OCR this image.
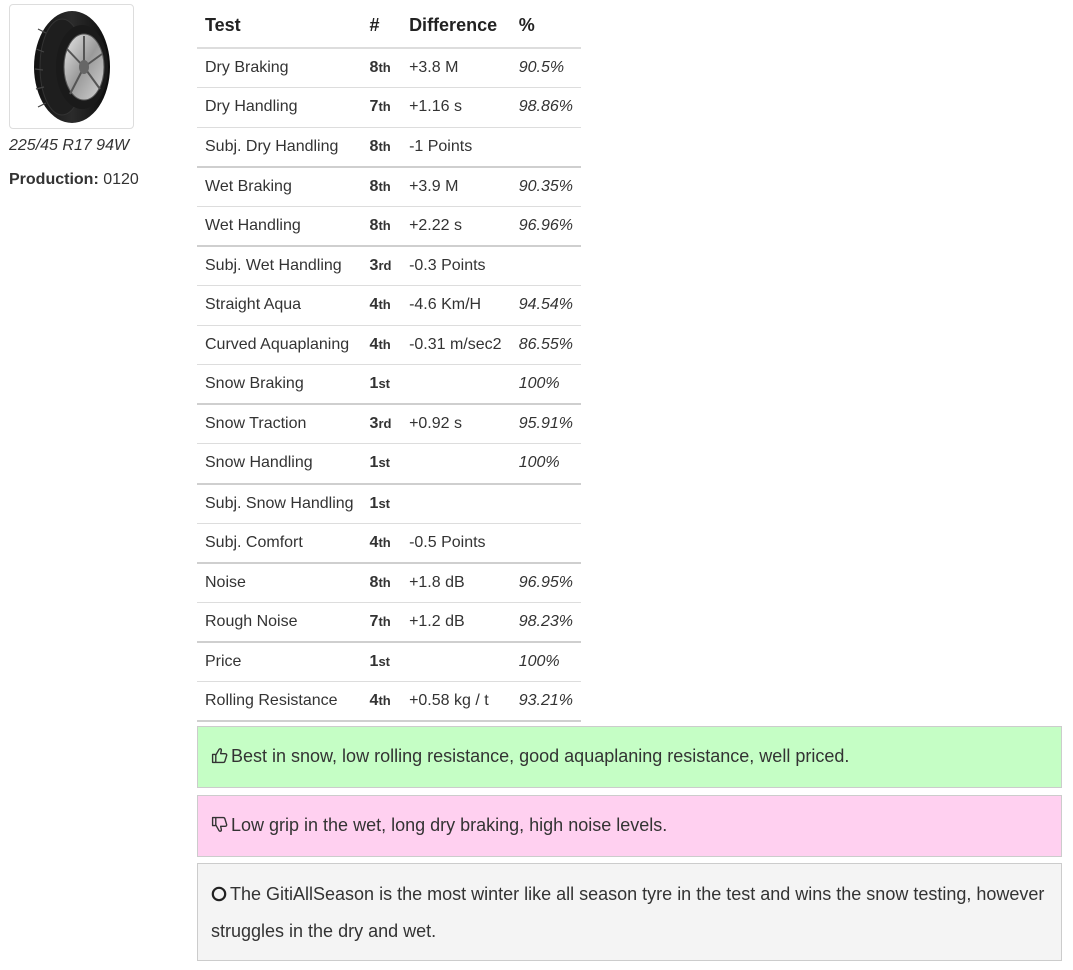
225/45 R17 94W
Production: 0120
Test	#	Difference	%
Dry Braking	8th	+3.8 M	90.5%
Dry Handling	7th	+1.16 s	98.86%
Subj. Dry Handling	8th	-1 Points	
Wet Braking	8th	+3.9 M	90.35%
Wet Handling	8th	+2.22 s	96.96%
Subj. Wet Handling	3rd	-0.3 Points	
Straight Aqua	4th	-4.6 Km/H	94.54%
Curved Aquaplaning	4th	-0.31 m/sec2	86.55%
Snow Braking	1st		100%
Snow Traction	3rd	+0.92 s	95.91%
Snow Handling	1st		100%
Subj. Snow Handling	1st		
Subj. Comfort	4th	-0.5 Points	
Noise	8th	+1.8 dB	96.95%
Rough Noise	7th	+1.2 dB	98.23%
Price	1st		100%
Rolling Resistance	4th	+0.58 kg / t	93.21%
Best in snow, low rolling resistance, good aquaplaning resistance, well priced.
Low grip in the wet, long dry braking, high noise levels.
The GitiAllSeason is the most winter like all season tyre in the test and wins the snow testing, however struggles in the dry and wet.
